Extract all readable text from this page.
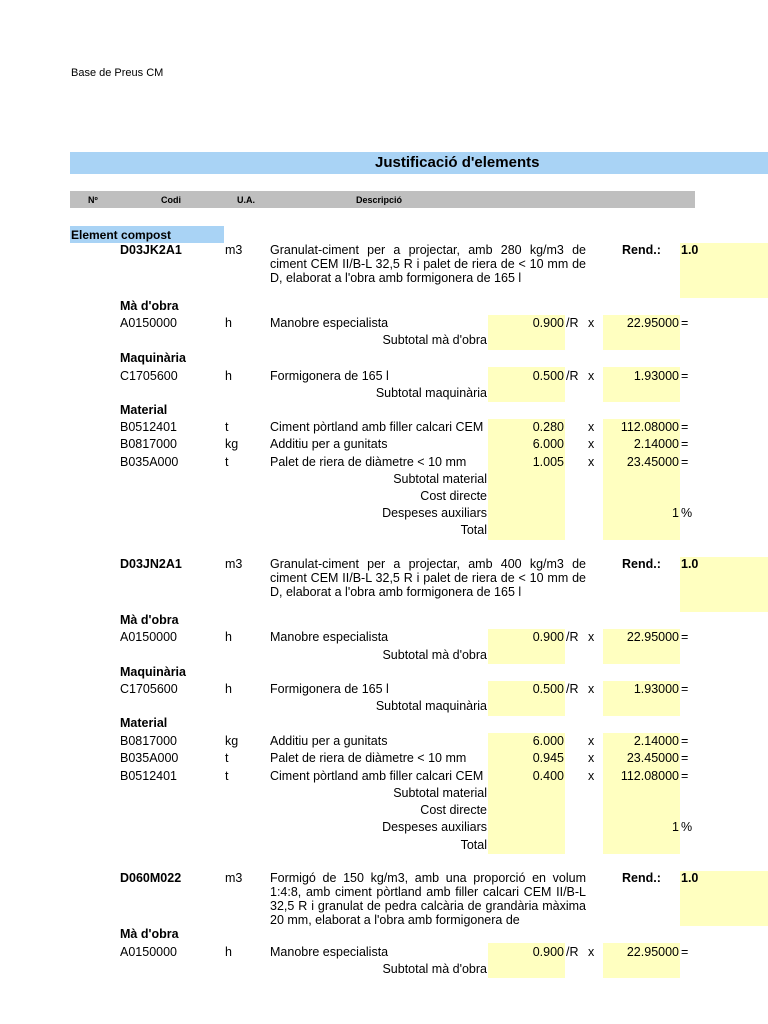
Base de Preus CM
Justificació d'elements
Nº	Codi	U.A.	Descripció
Element compost
D03JK2A1	m3 Granulat-ciment per a projectar, amb 280 kg/m3 de ciment CEM II/B-L 32,5 R i palet de riera de < 10 mm de D, elaborat a l'obra amb formigonera de 165 l
Rend.: 1.0
Mà d'obra
A0150000	h	Manobre especialista	0.900 /R x	22.95000 =
Subtotal mà d'obra
Maquinària
C1705600	h	Formigonera de 165 l	0.500 /R x	1.93000 =
Subtotal maquinària
Material
B0512401	t	Ciment pòrtland amb filler calcari CEM	0.280 x	112.08000 =
B0817000	kg	Additiu per a gunitats	6.000 x	2.14000 =
B035A000	t	Palet de riera de diàmetre < 10 mm	1.005 x	23.45000 =
Subtotal material
Cost directe
Despeses auxiliars	1 %
Total
D03JN2A1	m3 Granulat-ciment per a projectar, amb 400 kg/m3 de ciment CEM II/B-L 32,5 R i palet de riera de < 10 mm de D, elaborat a l'obra amb formigonera de 165 l
Rend.: 1.0
Mà d'obra
A0150000	h	Manobre especialista	0.900 /R x	22.95000 =
Subtotal mà d'obra
Maquinària
C1705600	h	Formigonera de 165 l	0.500 /R x	1.93000 =
Subtotal maquinària
Material
B0817000	kg	Additiu per a gunitats	6.000 x	2.14000 =
B035A000	t	Palet de riera de diàmetre < 10 mm	0.945 x	23.45000 =
B0512401	t	Ciment pòrtland amb filler calcari CEM	0.400 x	112.08000 =
Subtotal material
Cost directe
Despeses auxiliars	1 %
Total
D060M022	m3 Formigó de 150 kg/m3, amb una proporció en volum 1:4:8, amb ciment pòrtland amb filler calcari CEM II/B-L 32,5 R i granulat de pedra calcària de grandària màxima 20 mm, elaborat a l'obra amb formigonera de
Rend.: 1.0
Mà d'obra
A0150000	h	Manobre especialista	0.900 /R x	22.95000 =
Subtotal mà d'obra
